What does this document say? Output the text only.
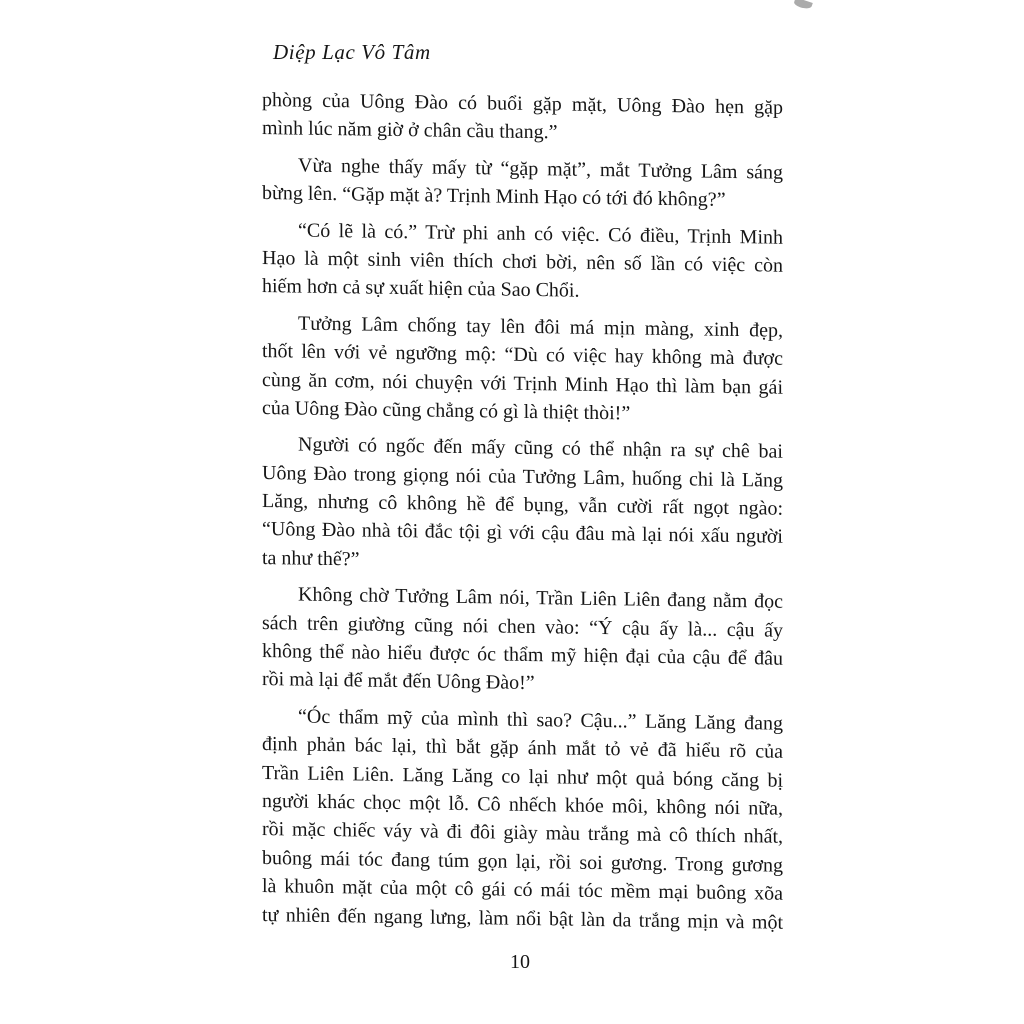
Diệp Lạc Vô Tâm
phòng của Uông Đào có buổi gặp mặt, Uông Đào hẹn gặp
mình lúc năm giờ ở chân cầu thang.”
Vừa nghe thấy mấy từ “gặp mặt”, mắt Tưởng Lâm sáng
bừng lên. “Gặp mặt à? Trịnh Minh Hạo có tới đó không?”
“Có lẽ là có.” Trừ phi anh có việc. Có điều, Trịnh Minh
Hạo là một sinh viên thích chơi bời, nên số lần có việc còn
hiếm hơn cả sự xuất hiện của Sao Chổi.
Tưởng Lâm chống tay lên đôi má mịn màng, xinh đẹp,
thốt lên với vẻ ngưỡng mộ: “Dù có việc hay không mà được
cùng ăn cơm, nói chuyện với Trịnh Minh Hạo thì làm bạn gái
của Uông Đào cũng chẳng có gì là thiệt thòi!”
Người có ngốc đến mấy cũng có thể nhận ra sự chê bai
Uông Đào trong giọng nói của Tưởng Lâm, huống chi là Lăng
Lăng, nhưng cô không hề để bụng, vẫn cười rất ngọt ngào:
“Uông Đào nhà tôi đắc tội gì với cậu đâu mà lại nói xấu người
ta như thế?”
Không chờ Tưởng Lâm nói, Trần Liên Liên đang nằm đọc
sách trên giường cũng nói chen vào: “Ý cậu ấy là... cậu ấy
không thể nào hiểu được óc thẩm mỹ hiện đại của cậu để đâu
rồi mà lại để mắt đến Uông Đào!”
“Óc thẩm mỹ của mình thì sao? Cậu...” Lăng Lăng đang
định phản bác lại, thì bắt gặp ánh mắt tỏ vẻ đã hiểu rõ của
Trần Liên Liên. Lăng Lăng co lại như một quả bóng căng bị
người khác chọc một lỗ. Cô nhếch khóe môi, không nói nữa,
rồi mặc chiếc váy và đi đôi giày màu trắng mà cô thích nhất,
buông mái tóc đang túm gọn lại, rồi soi gương. Trong gương
là khuôn mặt của một cô gái có mái tóc mềm mại buông xõa
tự nhiên đến ngang lưng, làm nổi bật làn da trắng mịn và một
10
